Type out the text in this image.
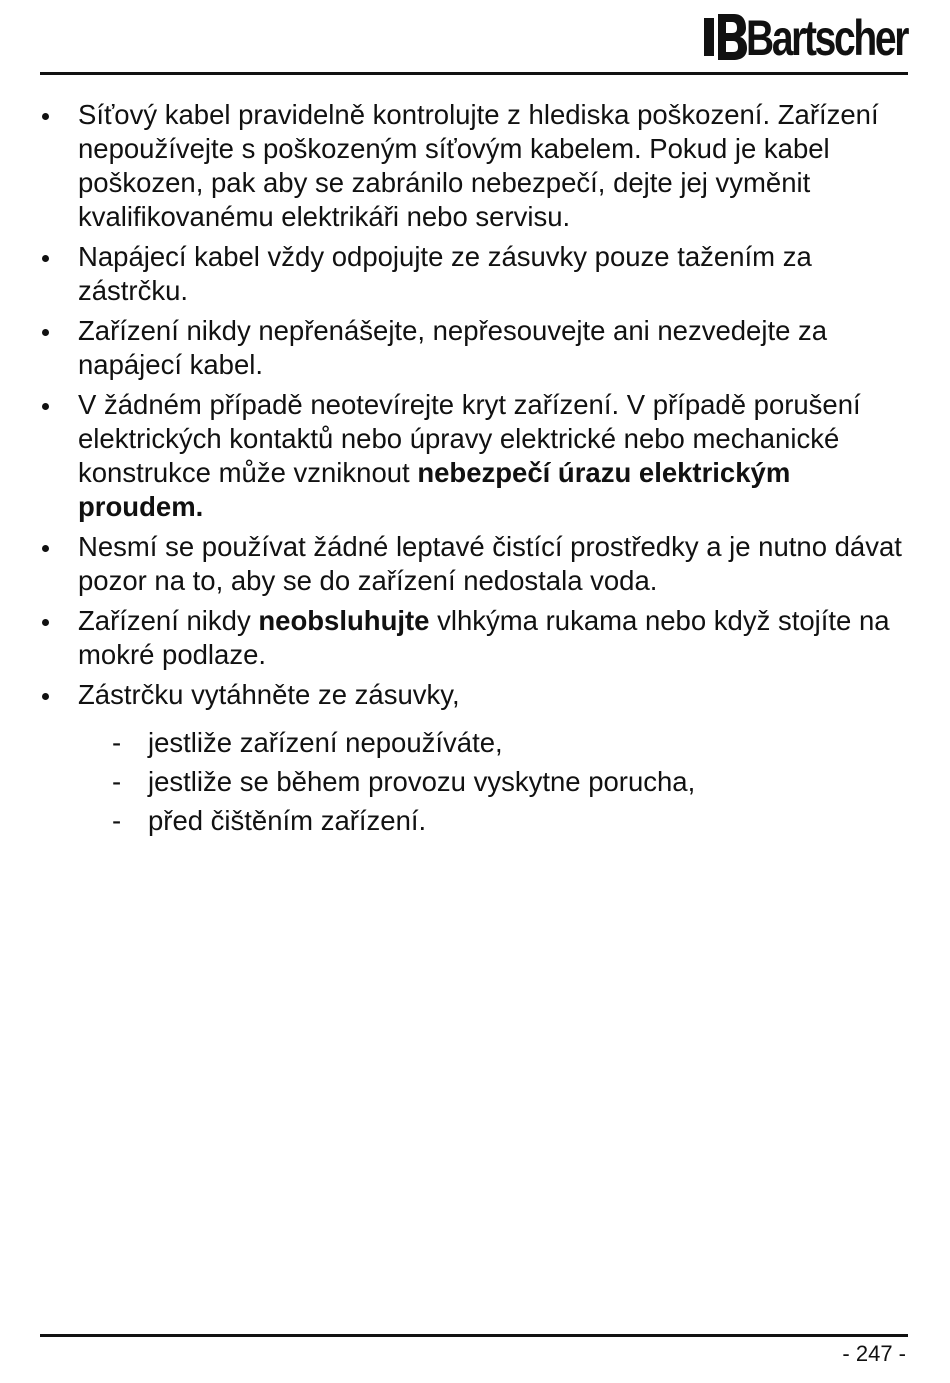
Bartscher
Síťový kabel pravidelně kontrolujte z hlediska poškození. Zařízení nepoužívejte s poškozeným síťovým kabelem. Pokud je kabel poškozen, pak aby se zabránilo nebezpečí, dejte jej vyměnit kvalifikovanému elektrikáři nebo servisu.
Napájecí kabel vždy odpojujte ze zásuvky pouze tažením za zástrčku.
Zařízení nikdy nepřenášejte, nepřesouvejte ani nezvedejte za napájecí kabel.
V žádném případě neotevírejte kryt zařízení. V případě porušení elektrických kontaktů nebo úpravy elektrické nebo mechanické konstrukce může vzniknout nebezpečí úrazu elektrickým proudem.
Nesmí se používat žádné leptavé čistící prostředky a je nutno dávat pozor na to, aby se do zařízení nedostala voda.
Zařízení nikdy neobsluhujte vlhkýma rukama nebo když stojíte na mokré podlaze.
Zástrčku vytáhněte ze zásuvky,
- jestliže zařízení nepoužíváte,
- jestliže se během provozu vyskytne porucha,
- před čištěním zařízení.
- 247 -
